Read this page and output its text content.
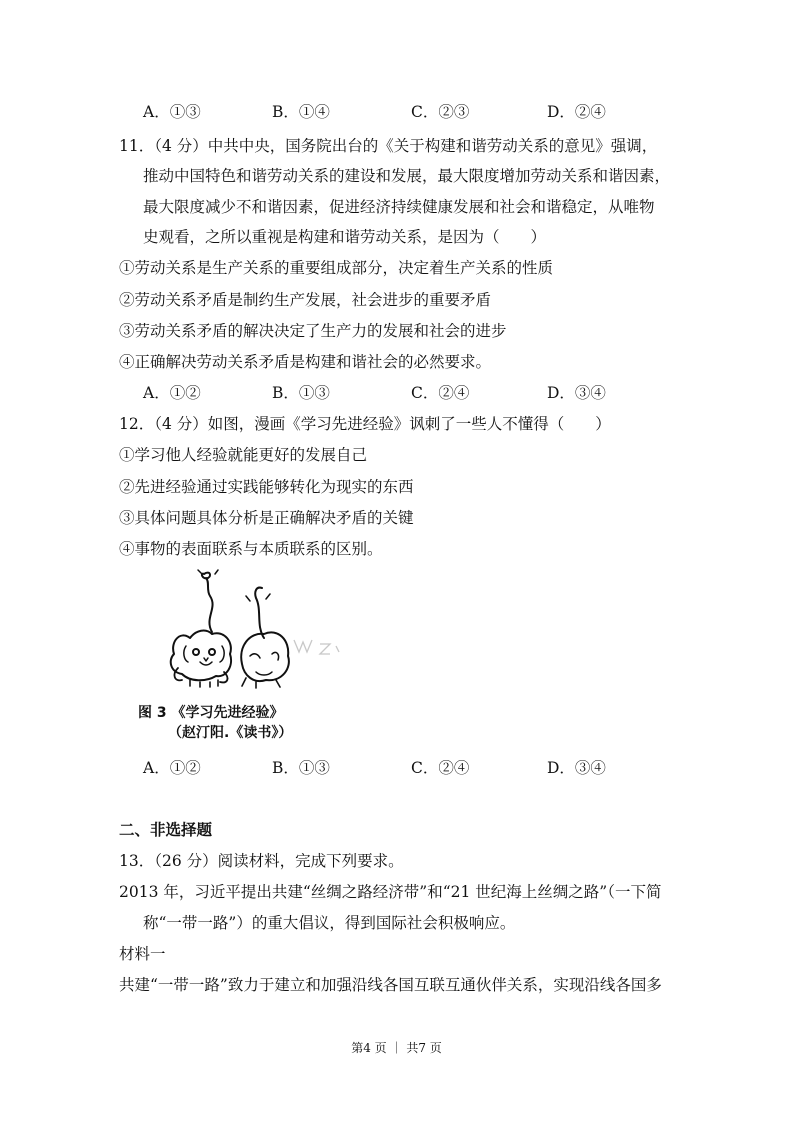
A．①③	B．①④	C．②③	D．②④
11．（4 分）中共中央，国务院出台的《关于构建和谐劳动关系的意见》强调，
推动中国特色和谐劳动关系的建设和发展，最大限度增加劳动关系和谐因素，
最大限度减少不和谐因素，促进经济持续健康发展和社会和谐稳定，从唯物
史观看，之所以重视是构建和谐劳动关系，是因为（　　）
①劳动关系是生产关系的重要组成部分，决定着生产关系的性质
②劳动关系矛盾是制约生产发展，社会进步的重要矛盾
③劳动关系矛盾的解决决定了生产力的发展和社会的进步
④正确解决劳动关系矛盾是构建和谐社会的必然要求。
A．①②	B．①③	C．②④	D．③④
12．（4 分）如图，漫画《学习先进经验》讽刺了一些人不懂得（　　）
①学习他人经验就能更好的发展自己
②先进经验通过实践能够转化为现实的东西
③具体问题具体分析是正确解决矛盾的关键
④事物的表面联系与本质联系的区别。
图 3 《学习先进经验》
（赵汀阳.《读书》）
A．①②	B．①③	C．②④	D．③④
二、非选择题
13．（26 分）阅读材料，完成下列要求。
2013 年，习近平提出共建“丝绸之路经济带”和“21 世纪海上丝绸之路”（一下简
称“一带一路”）的重大倡议，得到国际社会积极响应。
材料一
共建“一带一路”致力于建立和加强沿线各国互联互通伙伴关系，实现沿线各国多
第4 页 ｜ 共7 页
